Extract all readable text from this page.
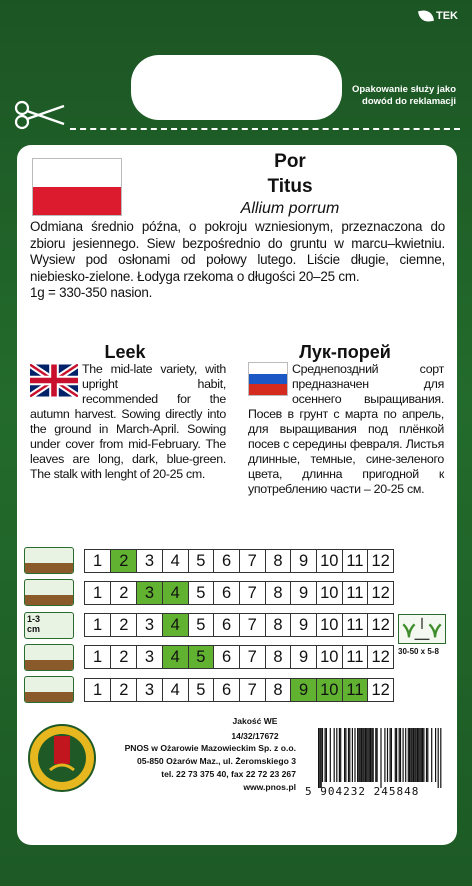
TEK
Opakowanie służy jako dowód do reklamacji
Por
Titus
Allium porrum
Odmiana średnio późna, o pokroju wzniesionym, przeznaczona do zbioru jesiennego. Siew bezpośrednio do gruntu w marcu–kwietniu. Wysiew pod osłonami od połowy lutego. Liście długie, ciemne, niebiesko-zielone. Łodyga rzekoma o długości 20–25 cm.
1g = 330-350 nasion.
Leek
The mid-late variety, with upright habit, recommended for the autumn harvest. Sowing directly into the ground in March-April. Sowing under cover from mid-February. The leaves are long, dark, blue-green. The stalk with lenght of 20-25 cm.
Лук-порей
Среднепоздний сорт предназначен для осеннего выращивания. Посев в грунт с марта по апрель, для выращивания под плёнкой посев с середины февраля. Листья длинные, темные, сине-зеленого цвета, длинна пригодной к употреблению части – 20-25 см.
1	2	3	4	5	6	7	8	9 10 11 12
1	2	3	4	5	6	7	8	9 10 11 12
1-3 cm	1	2	3	4	5	6	7	8	9 10 11 12
1	2	3	4	5	6	7	8	9 10 11 12
1	2	3	4	5	6	7	8	9 10 11 12
30-50 x 5-8
Jakość WE
14/32/17672
PNOS w Ożarowie Mazowieckim Sp. z o.o.
05-850 Ożarów Maz., ul. Żeromskiego 3
tel. 22 73 375 40, fax 22 72 23 267
www.pnos.pl 5 904232 245848
